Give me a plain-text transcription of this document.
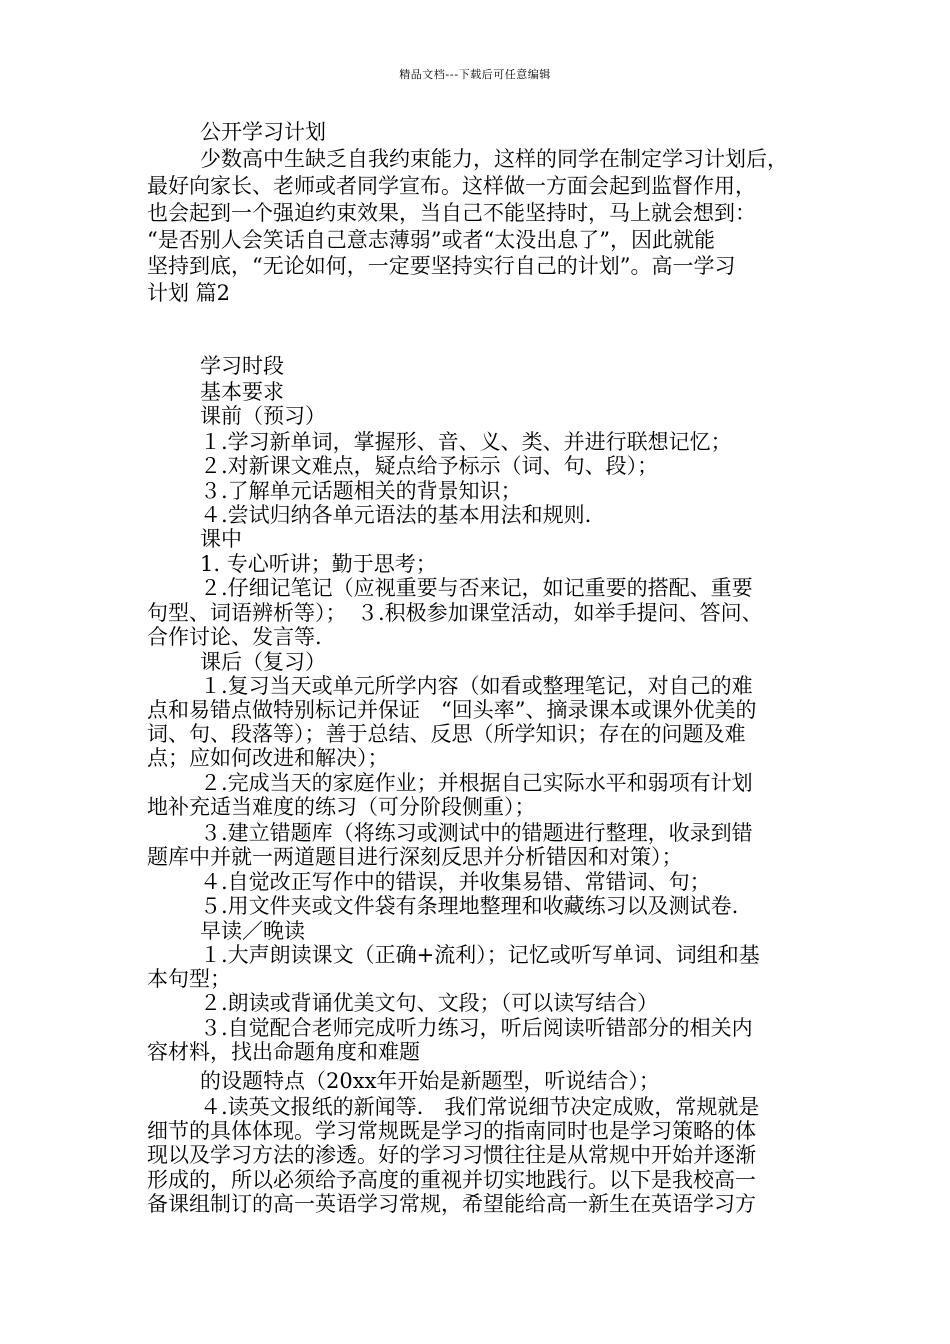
精品文档---下载后可任意编辑
公开学习计划
少数高中生缺乏自我约束能力，这样的同学在制定学习计划后，
最好向家长、老师或者同学宣布。这样做一方面会起到监督作用，
也会起到一个强迫约束效果，当自己不能坚持时，马上就会想到：
“是否别人会笑话自己意志薄弱”或者“太没出息了”，因此就能
坚持到底，“无论如何，一定要坚持实行自己的计划”。高一学习
计划 篇2
学习时段
基本要求
课前（预习）
１.学习新单词，掌握形、音、义、类、并进行联想记忆；
２.对新课文难点，疑点给予标示（词、句、段）；
３.了解单元话题相关的背景知识；
４.尝试归纳各单元语法的基本用法和规则.
课中
1. 专心听讲；勤于思考；
２.仔细记笔记（应视重要与否来记，如记重要的搭配、重要
句型、词语辨析等）；　３.积极参加课堂活动，如举手提问、答问、
合作讨论、发言等.
课后（复习）
１.复习当天或单元所学内容（如看或整理笔记，对自己的难
点和易错点做特别标记并保证　“回头率”、摘录课本或课外优美的
词、句、段落等）；善于总结、反思（所学知识；存在的问题及难
点；应如何改进和解决）；
２.完成当天的家庭作业；并根据自己实际水平和弱项有计划
地补充适当难度的练习（可分阶段侧重）；
３.建立错题库（将练习或测试中的错题进行整理，收录到错
题库中并就一两道题目进行深刻反思并分析错因和对策）；
４.自觉改正写作中的错误，并收集易错、常错词、句；
５.用文件夹或文件袋有条理地整理和收藏练习以及测试卷.
早读／晚读
１.大声朗读课文（正确+流利）；记忆或听写单词、词组和基
本句型；
２.朗读或背诵优美文句、文段；（可以读写结合）
３.自觉配合老师完成听力练习，听后阅读听错部分的相关内
容材料，找出命题角度和难题
的设题特点（20xx年开始是新题型，听说结合）；
４.读英文报纸的新闻等.　我们常说细节决定成败，常规就是
细节的具体体现。学习常规既是学习的指南同时也是学习策略的体
现以及学习方法的渗透。好的学习习惯往往是从常规中开始并逐渐
形成的，所以必须给予高度的重视并切实地践行。以下是我校高一
备课组制订的高一英语学习常规，希望能给高一新生在英语学习方
